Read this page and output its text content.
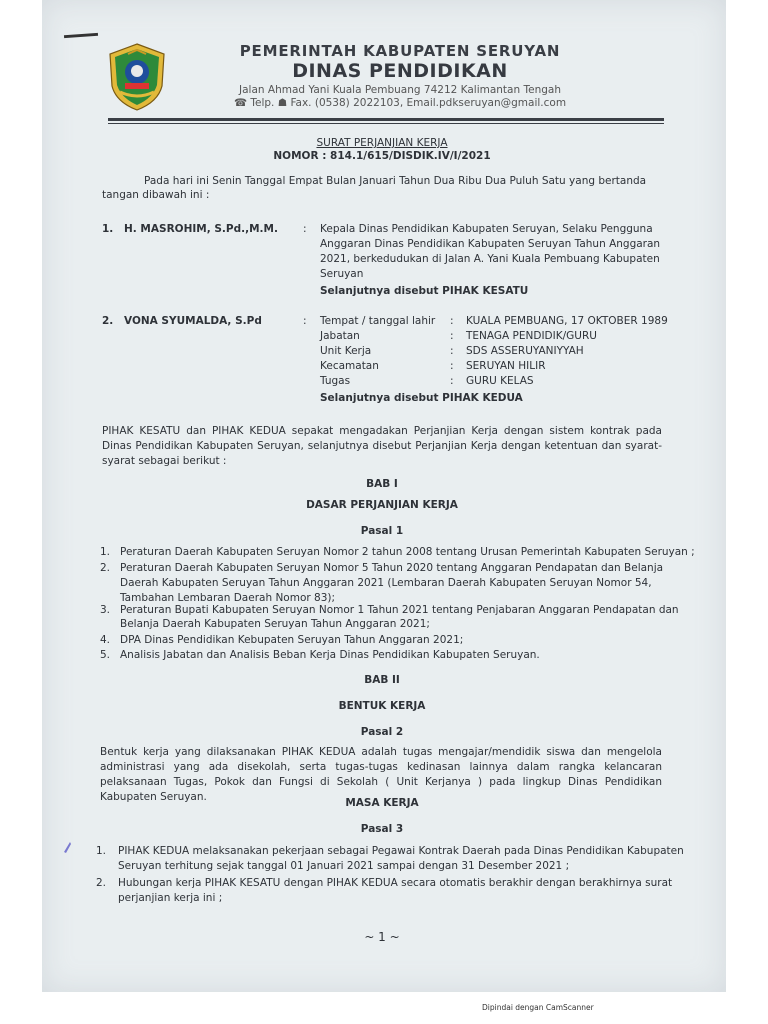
PEMERINTAH KABUPATEN SERUYAN
DINAS PENDIDIKAN
Jalan Ahmad Yani Kuala Pembuang 74212 Kalimantan Tengah
☎ Telp. ☗ Fax. (0538) 2022103, Email.pdkseruyan@gmail.com
SURAT PERJANJIAN KERJA
NOMOR : 814.1/615/DISDIK.IV/I/2021
Pada hari ini Senin Tanggal Empat Bulan Januari Tahun Dua Ribu Dua Puluh Satu yang bertanda
tangan dibawah ini :
1. H. MASROHIM, S.Pd.,M.M. : Kepala Dinas Pendidikan Kabupaten Seruyan, Selaku Pengguna
Anggaran Dinas Pendidikan Kabupaten Seruyan Tahun Anggaran
2021, berkedudukan di Jalan A. Yani Kuala Pembuang Kabupaten
Seruyan
Selanjutnya disebut PIHAK KESATU
2. VONA SYUMALDA, S.Pd	: Tempat / tanggal lahir : KUALA PEMBUANG, 17 OKTOBER 1989
Jabatan	: TENAGA PENDIDIK/GURU
Unit Kerja	: SDS ASSERUYANIYYAH
Kecamatan	: SERUYAN HILIR
Tugas	: GURU KELAS
Selanjutnya disebut PIHAK KEDUA
PIHAK KESATU dan PIHAK KEDUA sepakat mengadakan Perjanjian Kerja dengan sistem kontrak pada Dinas Pendidikan Kabupaten Seruyan, selanjutnya disebut Perjanjian Kerja dengan ketentuan dan syarat-syarat sebagai berikut :
BAB I
DASAR PERJANJIAN KERJA
Pasal 1
1. Peraturan Daerah Kabupaten Seruyan Nomor 2 tahun 2008 tentang Urusan Pemerintah Kabupaten Seruyan ;
2. Peraturan Daerah Kabupaten Seruyan Nomor 5 Tahun 2020 tentang Anggaran Pendapatan dan Belanja
Daerah Kabupaten Seruyan Tahun Anggaran 2021 (Lembaran Daerah Kabupaten Seruyan Nomor 54,
Tambahan Lembaran Daerah Nomor 83);
3. Peraturan Bupati Kabupaten Seruyan Nomor 1 Tahun 2021 tentang Penjabaran Anggaran Pendapatan dan
Belanja Daerah Kabupaten Seruyan Tahun Anggaran 2021;
4. DPA Dinas Pendidikan Kebupaten Seruyan Tahun Anggaran 2021;
5. Analisis Jabatan dan Analisis Beban Kerja Dinas Pendidikan Kabupaten Seruyan.
BAB II
BENTUK KERJA
Pasal 2
Bentuk kerja yang dilaksanakan PIHAK KEDUA adalah tugas mengajar/mendidik siswa dan mengelola administrasi yang ada disekolah, serta tugas-tugas kedinasan lainnya dalam rangka kelancaran pelaksanaan Tugas, Pokok dan Fungsi di Sekolah ( Unit Kerjanya ) pada lingkup Dinas Pendidikan Kabupaten Seruyan.	MASA KERJA
Pasal 3
1. PIHAK KEDUA melaksanakan pekerjaan sebagai Pegawai Kontrak Daerah pada Dinas Pendidikan Kabupaten
Seruyan terhitung sejak tanggal 01 Januari 2021 sampai dengan 31 Desember 2021 ;
2. Hubungan kerja PIHAK KESATU dengan PIHAK KEDUA secara otomatis berakhir dengan berakhirnya surat
perjanjian kerja ini ;
~ 1 ~
Dipindai dengan CamScanner
